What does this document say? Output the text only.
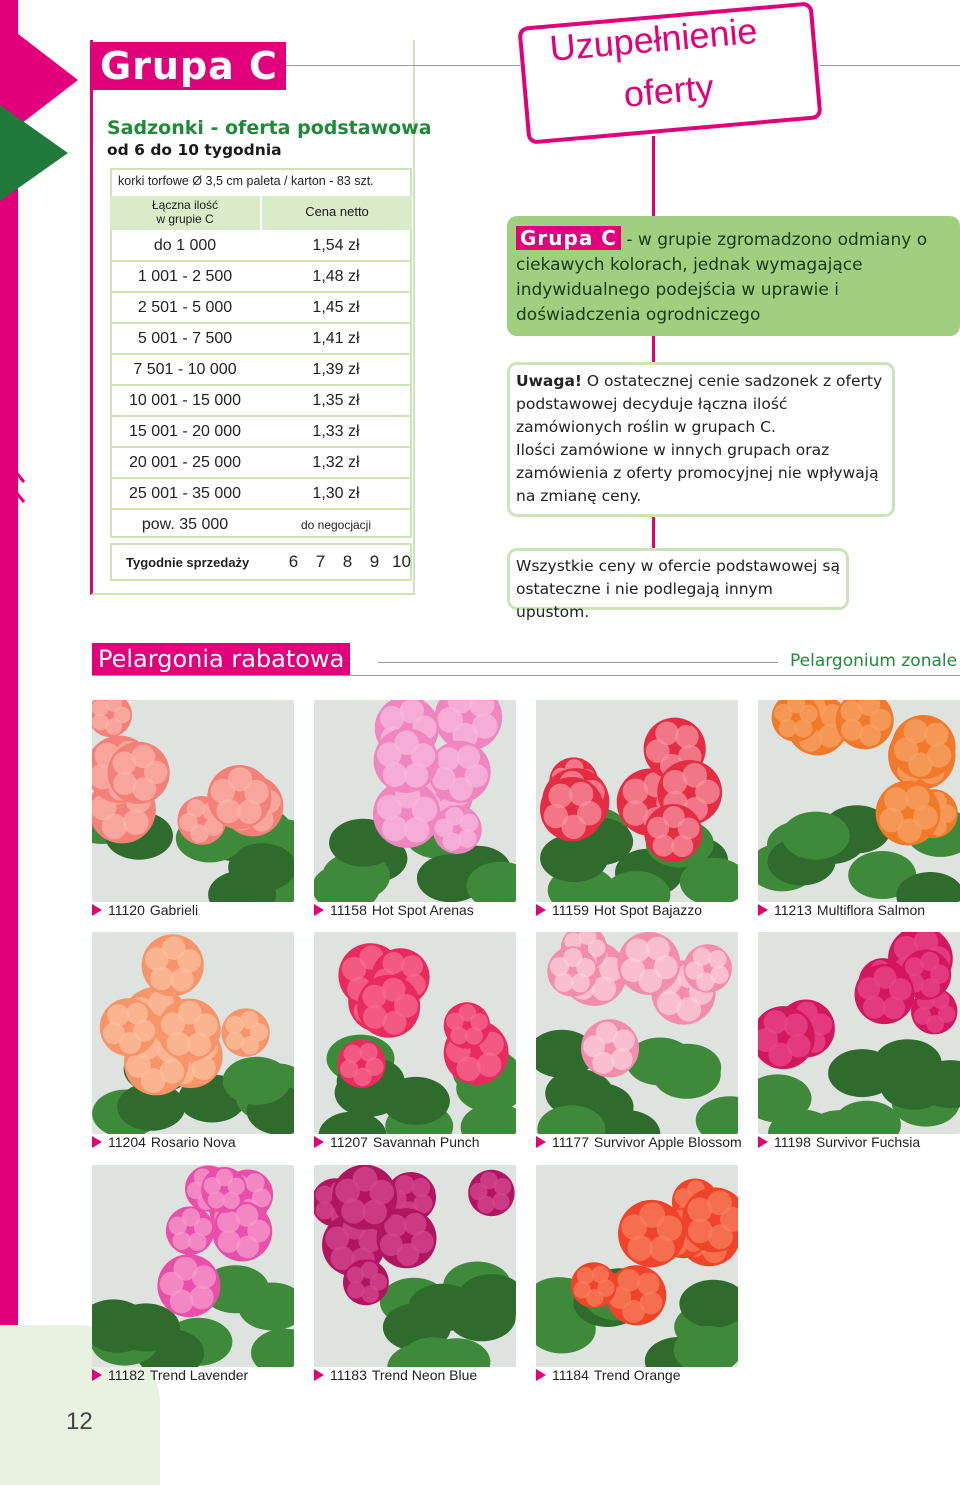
12
Grupa C
Sadzonki - oferta podstawowa
od 6 do 10 tygodnia
korki torfowe Ø 3,5 cm paleta / karton - 83 szt.
Łączna ilość
w grupie C	Cena netto
do 1 000	1,54 zł
1 001 - 2 500	1,48 zł
2 501 - 5 000	1,45 zł
5 001 - 7 500	1,41 zł
7 501 - 10 000	1,39 zł
10 001 - 15 000	1,35 zł
15 001 - 20 000	1,33 zł
20 001 - 25 000	1,32 zł
25 001 - 35 000	1,30 zł
pow. 35 000	do negocjacji
Tygodnie sprzedaży	6	7	8	9 10
Uzupełnienie
oferty
Grupa C - w grupie zgromadzono odmiany o ciekawych kolorach, jednak wymagające indywidualnego podejścia w uprawie i doświadczenia ogrodniczego
Uwaga! O ostatecznej cenie sadzonek z oferty podstawowej decyduje łączna ilość zamówionych roślin w grupach C.
Ilości zamówione w innych grupach oraz zamówienia z oferty promocyjnej nie wpływają na zmianę ceny.
Wszystkie ceny w ofercie podstawowej są ostateczne i nie podlegają innym upustom.
Pelargonia rabatowa	Pelargonium zonale
11120 Gabrieli	11158 Hot Spot Arenas	11159 Hot Spot Bajazzo	11213 Multiflora Salmon
11204 Rosario Nova	11207 Savannah Punch	11177 Survivor Apple Blossom 11198 Survivor Fuchsia
11182 Trend Lavender	11183 Trend Neon Blue	11184 Trend Orange
